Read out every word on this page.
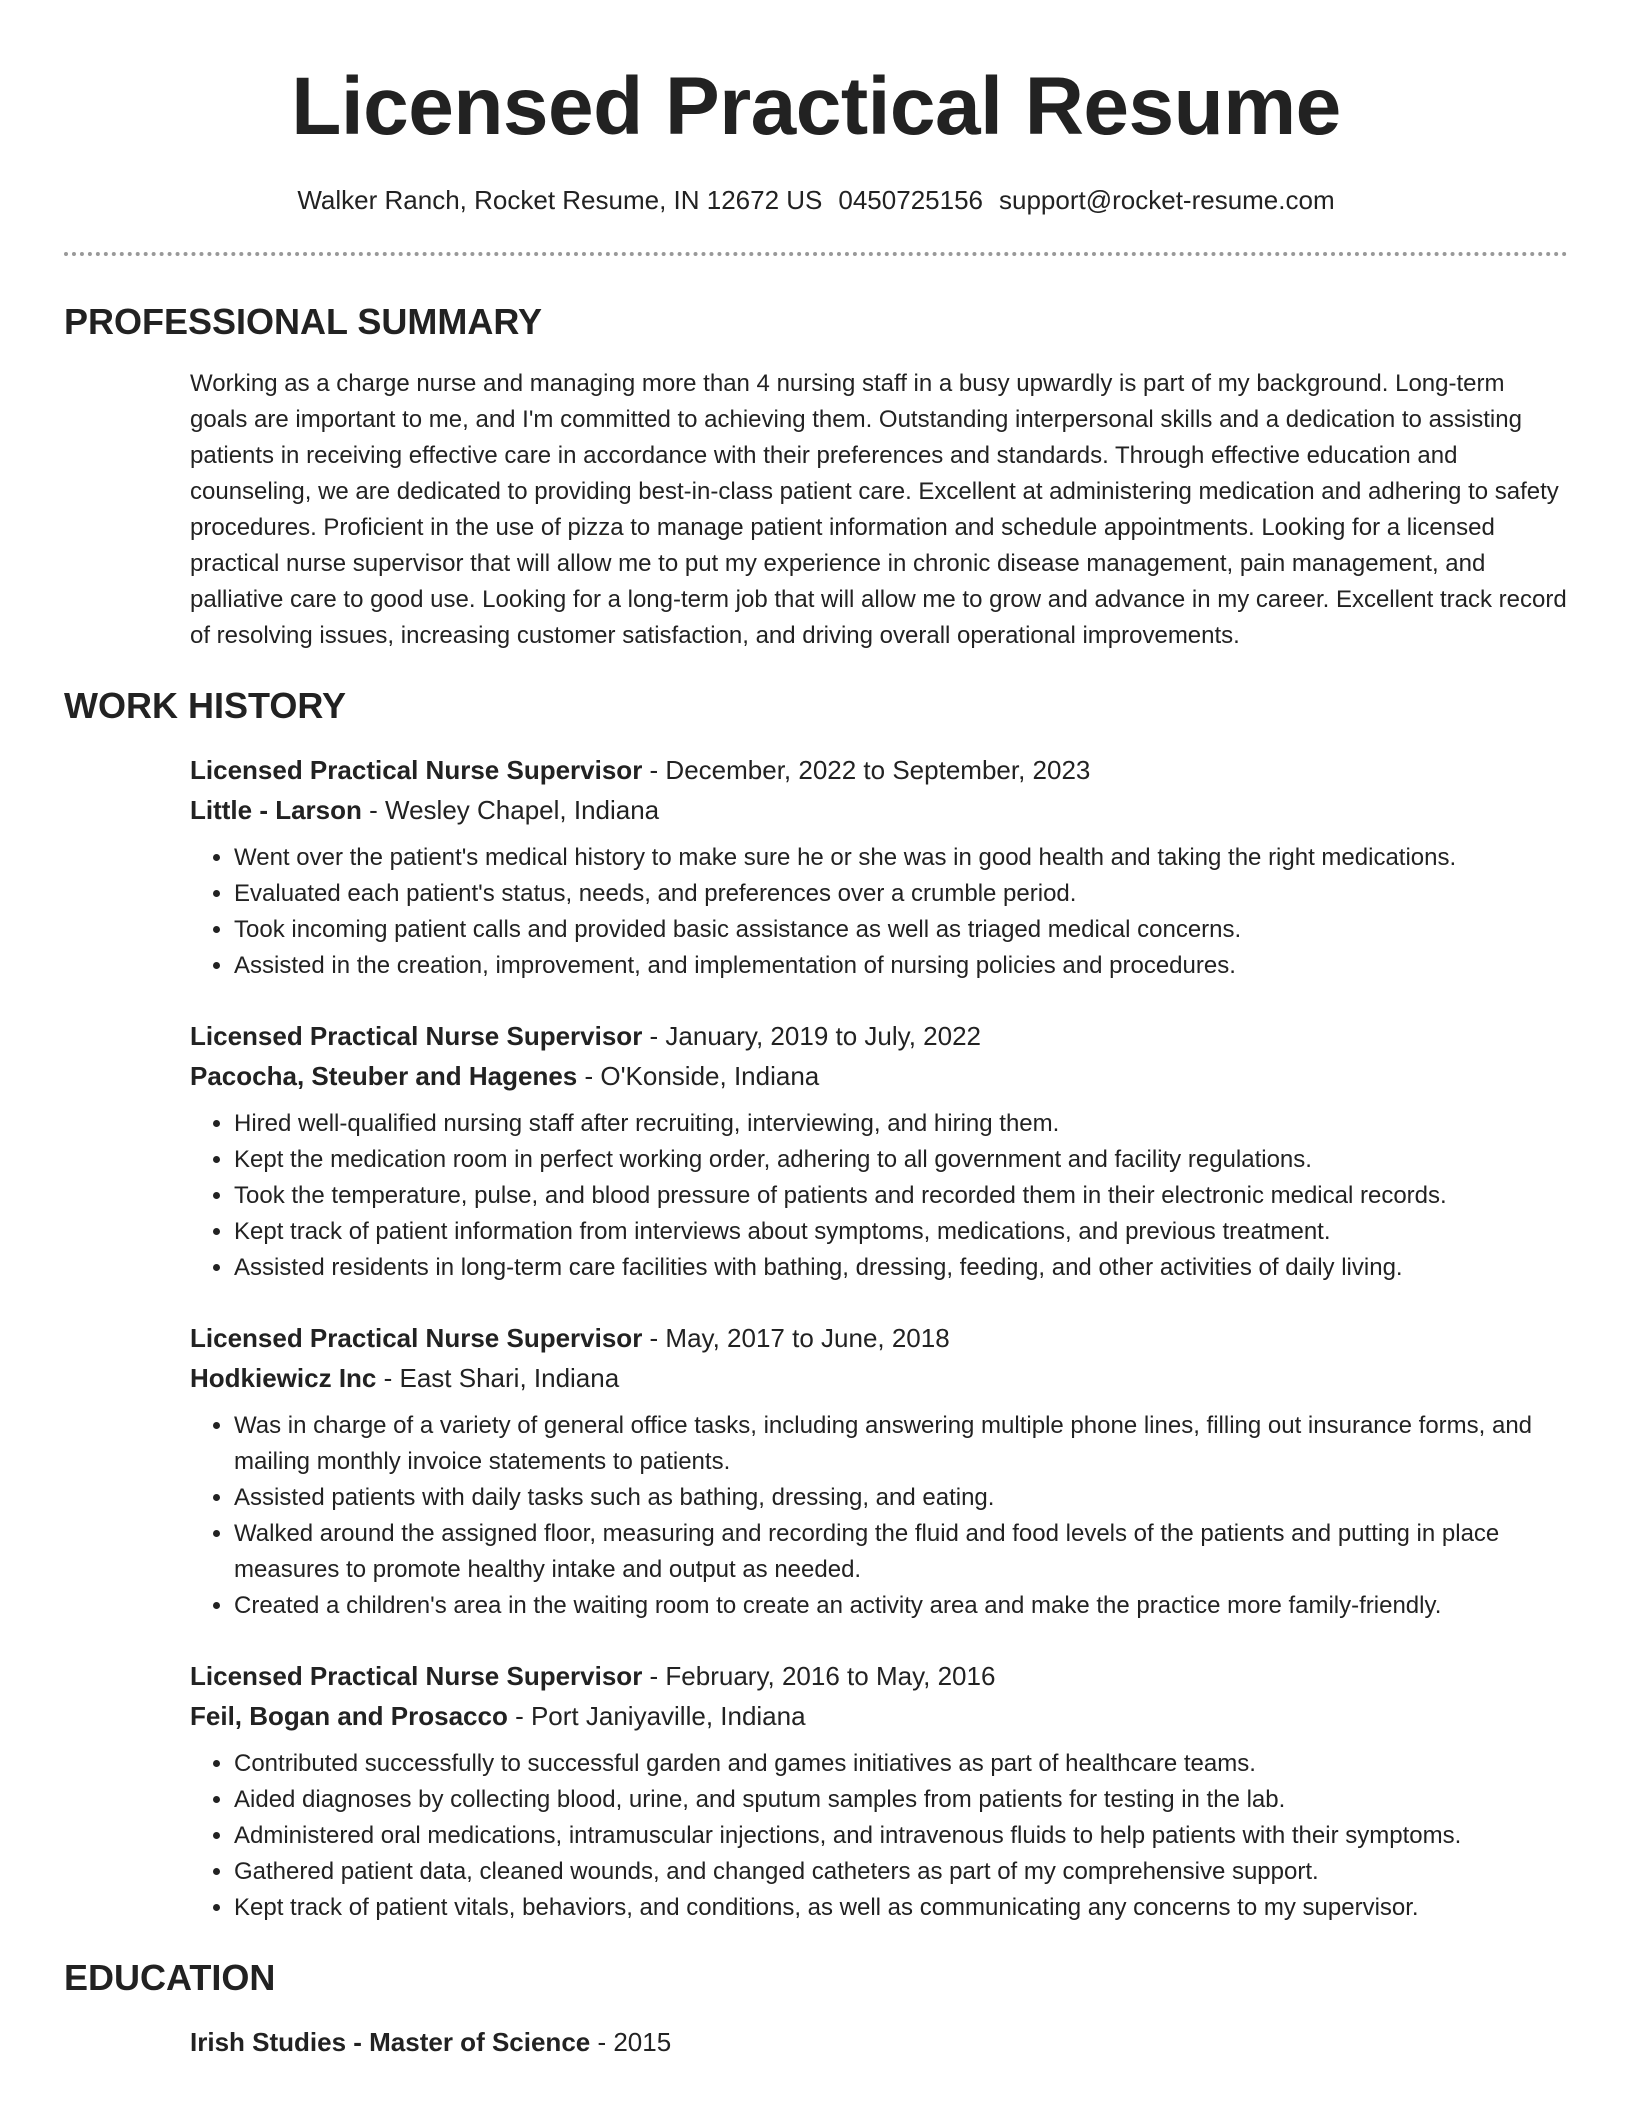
Licensed Practical Resume
Walker Ranch, Rocket Resume, IN 12672 US 0450725156 support@rocket-resume.com
PROFESSIONAL SUMMARY
Working as a charge nurse and managing more than 4 nursing staff in a busy upwardly is part of my background. Long-term goals are important to me, and I'm committed to achieving them. Outstanding interpersonal skills and a dedication to assisting patients in receiving effective care in accordance with their preferences and standards. Through effective education and counseling, we are dedicated to providing best-in-class patient care. Excellent at administering medication and adhering to safety procedures. Proficient in the use of pizza to manage patient information and schedule appointments. Looking for a licensed practical nurse supervisor that will allow me to put my experience in chronic disease management, pain management, and palliative care to good use. Looking for a long-term job that will allow me to grow and advance in my career. Excellent track record of resolving issues, increasing customer satisfaction, and driving overall operational improvements.
WORK HISTORY
Licensed Practical Nurse Supervisor - December, 2022 to September, 2023
Little - Larson - Wesley Chapel, Indiana
• Went over the patient's medical history to make sure he or she was in good health and taking the right medications.
• Evaluated each patient's status, needs, and preferences over a crumble period.
• Took incoming patient calls and provided basic assistance as well as triaged medical concerns.
• Assisted in the creation, improvement, and implementation of nursing policies and procedures.
Licensed Practical Nurse Supervisor - January, 2019 to July, 2022
Pacocha, Steuber and Hagenes - O'Konside, Indiana
• Hired well-qualified nursing staff after recruiting, interviewing, and hiring them.
• Kept the medication room in perfect working order, adhering to all government and facility regulations.
• Took the temperature, pulse, and blood pressure of patients and recorded them in their electronic medical records.
• Kept track of patient information from interviews about symptoms, medications, and previous treatment.
• Assisted residents in long-term care facilities with bathing, dressing, feeding, and other activities of daily living.
Licensed Practical Nurse Supervisor - May, 2017 to June, 2018
Hodkiewicz Inc - East Shari, Indiana
• Was in charge of a variety of general office tasks, including answering multiple phone lines, filling out insurance forms, and mailing monthly invoice statements to patients.
• Assisted patients with daily tasks such as bathing, dressing, and eating.
• Walked around the assigned floor, measuring and recording the fluid and food levels of the patients and putting in place measures to promote healthy intake and output as needed.
• Created a children's area in the waiting room to create an activity area and make the practice more family-friendly.
Licensed Practical Nurse Supervisor - February, 2016 to May, 2016
Feil, Bogan and Prosacco - Port Janiyaville, Indiana
• Contributed successfully to successful garden and games initiatives as part of healthcare teams.
• Aided diagnoses by collecting blood, urine, and sputum samples from patients for testing in the lab.
• Administered oral medications, intramuscular injections, and intravenous fluids to help patients with their symptoms.
• Gathered patient data, cleaned wounds, and changed catheters as part of my comprehensive support.
• Kept track of patient vitals, behaviors, and conditions, as well as communicating any concerns to my supervisor.
EDUCATION
Irish Studies - Master of Science - 2015
